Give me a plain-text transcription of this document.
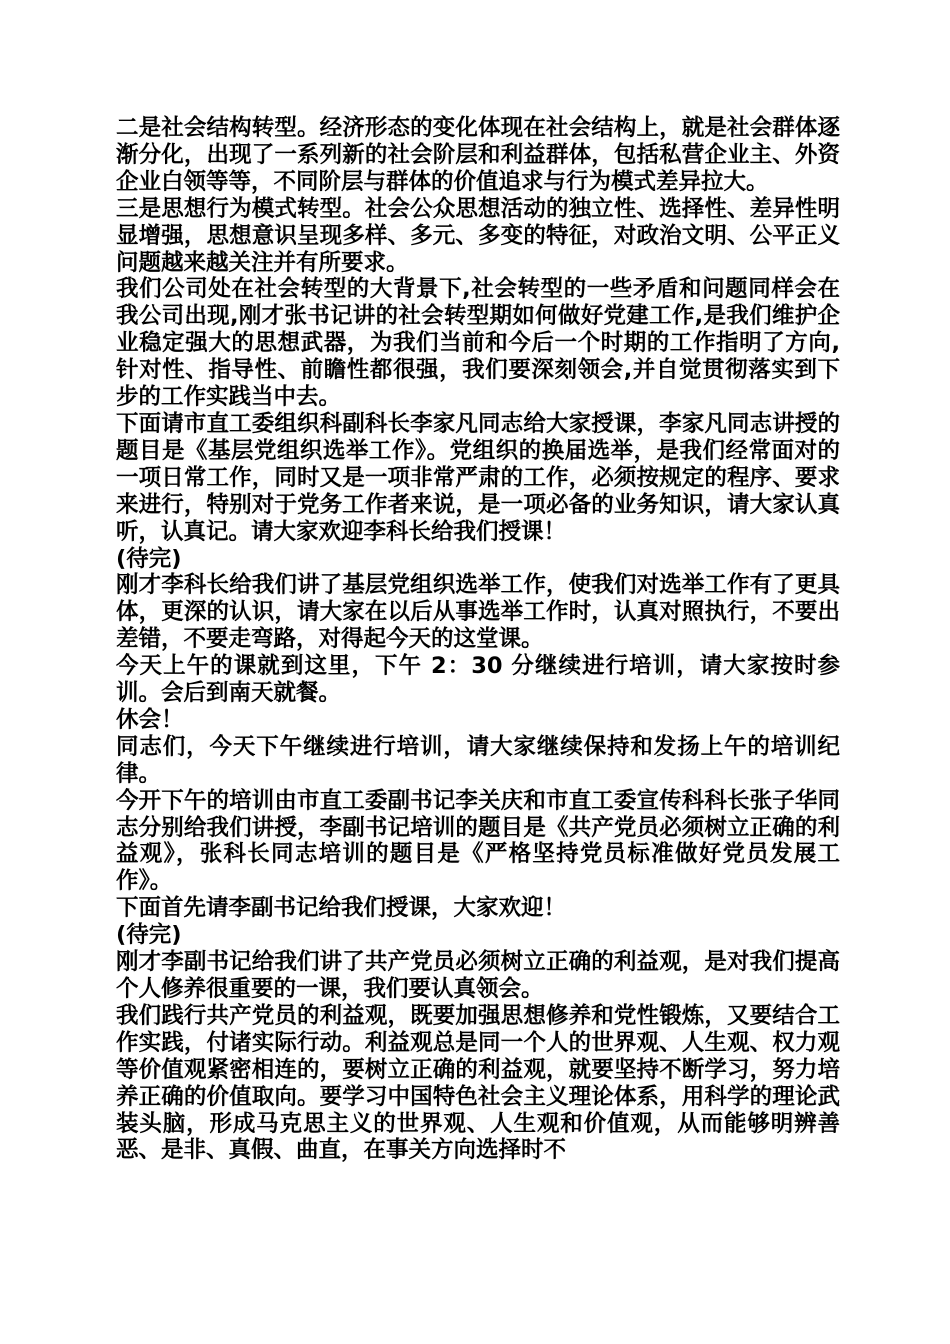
二是社会结构转型。经济形态的变化体现在社会结构上，就是社会群体逐渐分化，出现了一系列新的社会阶层和利益群体，包括私营企业主、外资企业白领等等，不同阶层与群体的价值追求与行为模式差异拉大。

三是思想行为模式转型。社会公众思想活动的独立性、选择性、差异性明显增强，思想意识呈现多样、多元、多变的特征，对政治文明、公平正义问题越来越关注并有所要求。

我们公司处在社会转型的大背景下,社会转型的一些矛盾和问题同样会在我公司出现,刚才张书记讲的社会转型期如何做好党建工作,是我们维护企业稳定强大的思想武器，为我们当前和今后一个时期的工作指明了方向,针对性、指导性、前瞻性都很强，我们要深刻领会,并自觉贯彻落实到下步的工作实践当中去。

下面请市直工委组织科副科长李家凡同志给大家授课，李家凡同志讲授的题目是《基层党组织选举工作》。党组织的换届选举，是我们经常面对的一项日常工作，同时又是一项非常严肃的工作，必须按规定的程序、要求来进行，特别对于党务工作者来说，是一项必备的业务知识，请大家认真听，认真记。请大家欢迎李科长给我们授课！

(待完)

刚才李科长给我们讲了基层党组织选举工作，使我们对选举工作有了更具体，更深的认识，请大家在以后从事选举工作时，认真对照执行，不要出差错，不要走弯路，对得起今天的这堂课。

今天上午的课就到这里，下午 2：30 分继续进行培训，请大家按时参训。会后到南天就餐。

休会！

同志们，今天下午继续进行培训，请大家继续保持和发扬上午的培训纪律。

今开下午的培训由市直工委副书记李关庆和市直工委宣传科科长张子华同志分别给我们讲授，李副书记培训的题目是《共产党员必须树立正确的利益观》，张科长同志培训的题目是《严格坚持党员标准做好党员发展工作》。

下面首先请李副书记给我们授课，大家欢迎！

(待完)

刚才李副书记给我们讲了共产党员必须树立正确的利益观，是对我们提高个人修养很重要的一课，我们要认真领会。

我们践行共产党员的利益观，既要加强思想修养和党性锻炼，又要结合工作实践，付诸实际行动。利益观总是同一个人的世界观、人生观、权力观等价值观紧密相连的，要树立正确的利益观，就要坚持不断学习，努力培养正确的价值取向。要学习中国特色社会主义理论体系，用科学的理论武装头脑，形成马克思主义的世界观、人生观和价值观，从而能够明辨善恶、是非、真假、曲直，在事关方向选择时不
